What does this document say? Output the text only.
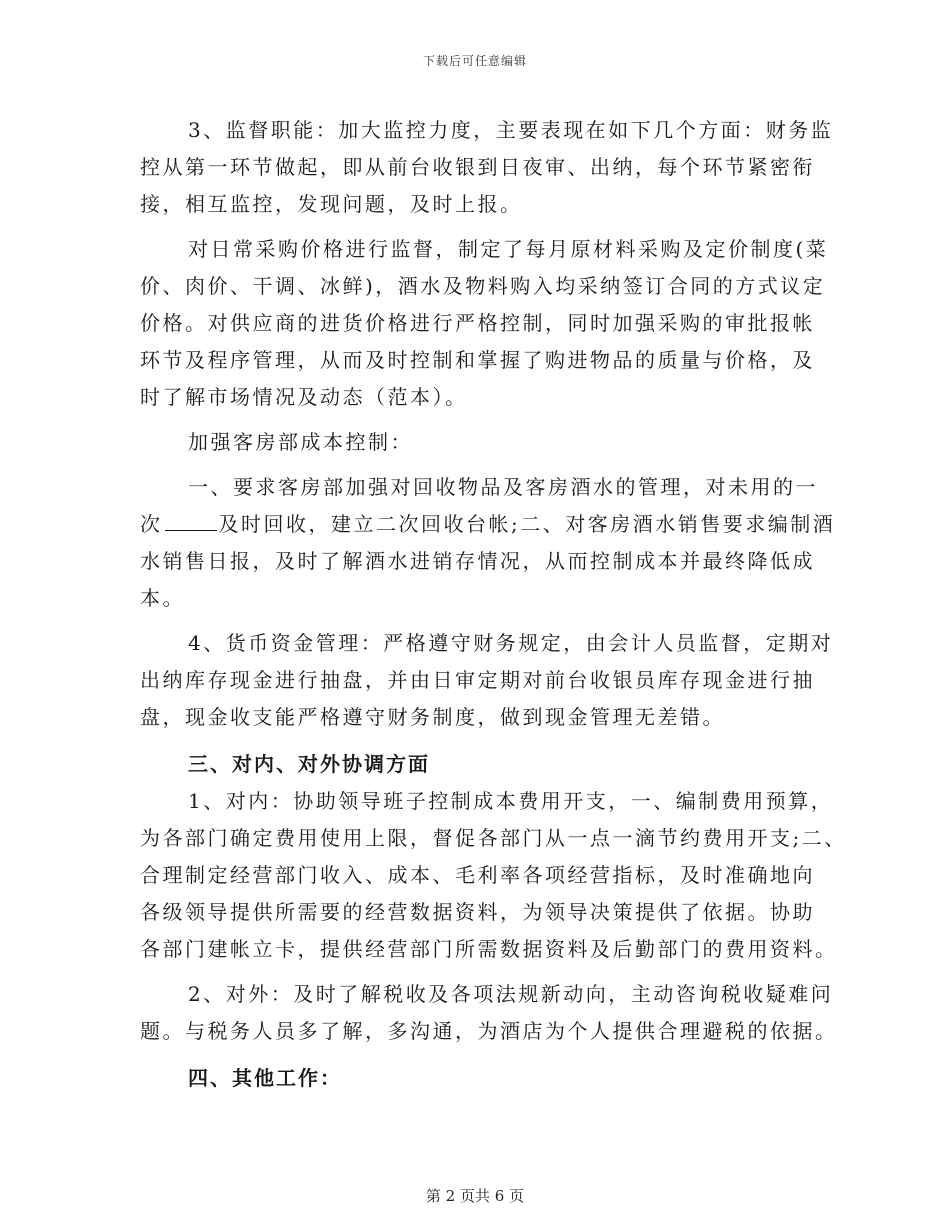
下载后可任意编辑
3、监督职能：加大监控力度，主要表现在如下几个方面：财务监
控从第一环节做起，即从前台收银到日夜审、出纳，每个环节紧密衔
接，相互监控，发现问题，及时上报。
对日常采购价格进行监督，制定了每月原材料采购及定价制度(菜
价、肉价、干调、冰鲜)，酒水及物料购入均采纳签订合同的方式议定
价格。对供应商的进货价格进行严格控制，同时加强采购的审批报帐
环节及程序管理，从而及时控制和掌握了购进物品的质量与价格，及
时了解市场情况及动态（范本）。
加强客房部成本控制：
一、要求客房部加强对回收物品及客房酒水的管理，对未用的一
次	及时回收，建立二次回收台帐;二、对客房酒水销售要求编制酒
水销售日报，及时了解酒水进销存情况，从而控制成本并最终降低成
本。
4、货币资金管理：严格遵守财务规定，由会计人员监督，定期对
出纳库存现金进行抽盘，并由日审定期对前台收银员库存现金进行抽
盘，现金收支能严格遵守财务制度，做到现金管理无差错。
三、对内、对外协调方面
1、对内：协助领导班子控制成本费用开支，一、编制费用预算，
为各部门确定费用使用上限，督促各部门从一点一滴节约费用开支;二、
合理制定经营部门收入、成本、毛利率各项经营指标，及时准确地向
各级领导提供所需要的经营数据资料，为领导决策提供了依据。协助
各部门建帐立卡，提供经营部门所需数据资料及后勤部门的费用资料。
2、对外：及时了解税收及各项法规新动向，主动咨询税收疑难问
题。与税务人员多了解，多沟通，为酒店为个人提供合理避税的依据。
四、其他工作：
第 2 页共 6 页
